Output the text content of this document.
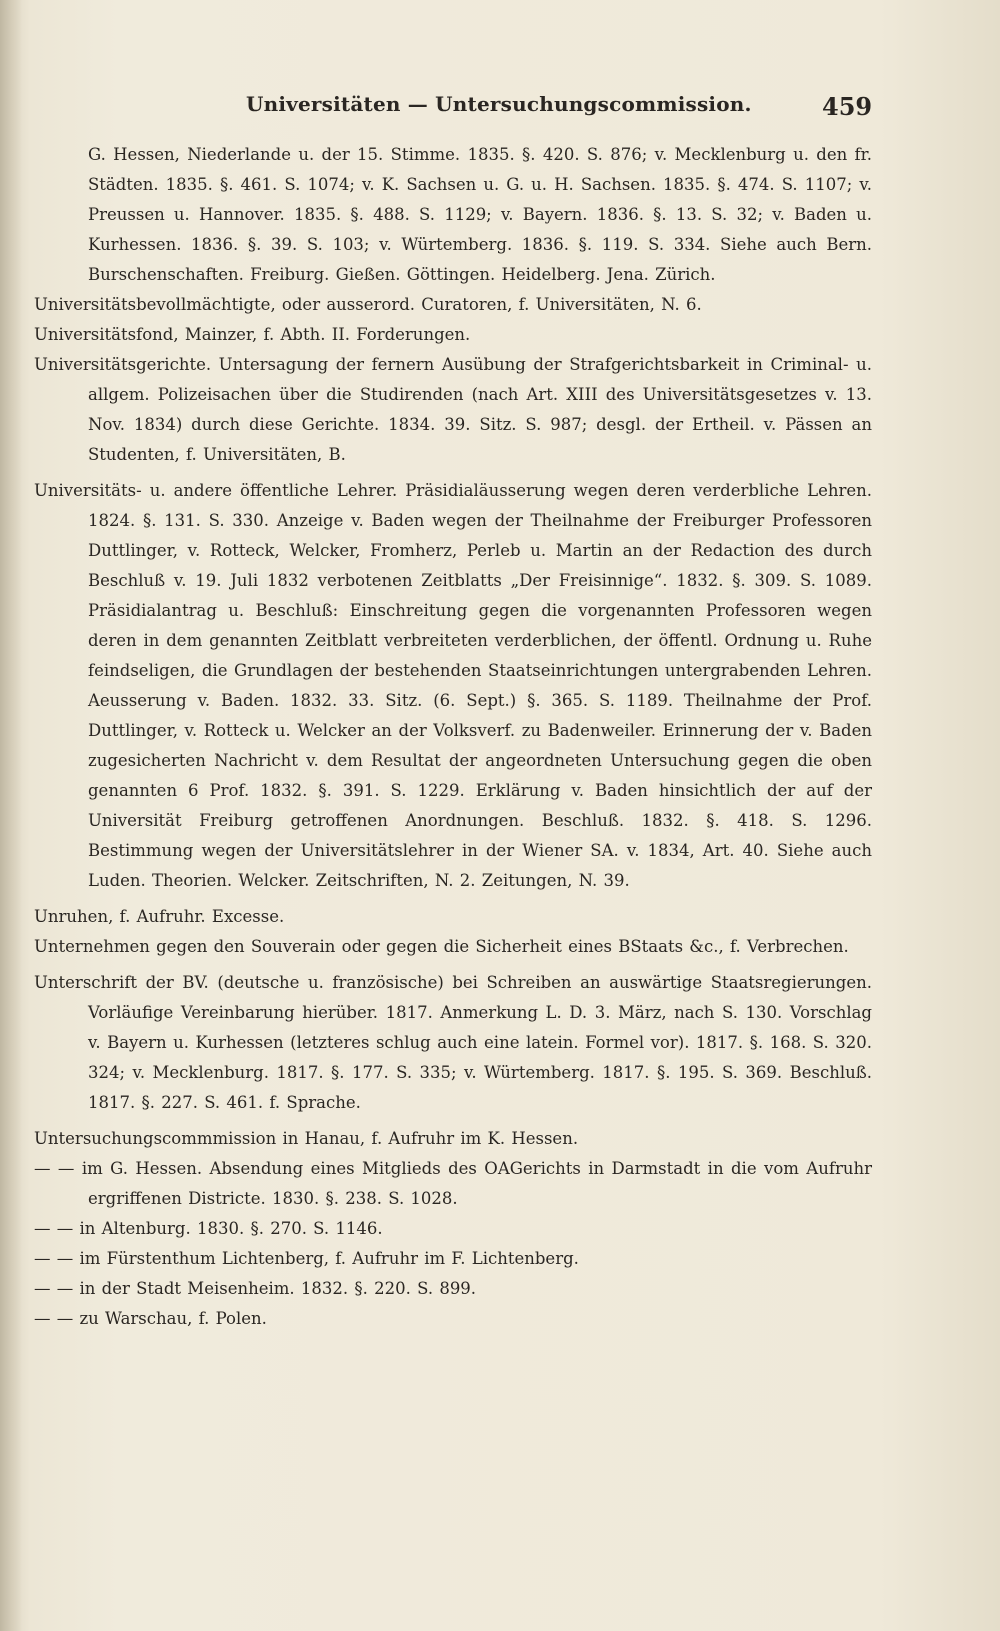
Universitäten — Untersuchungscommission.	459

G. Hessen, Niederlande u. der 15. Stimme. 1835. §. 420. S. 876; v. Mecklenburg u. den fr. Städten. 1835. §. 461. S. 1074; v. K. Sachsen u. G. u. H. Sachsen. 1835. §. 474. S. 1107; v. Preussen u. Hannover. 1835. §. 488. S. 1129; v. Bayern. 1836. §. 13. S. 32; v. Baden u. Kurhessen. 1836. §. 39. S. 103; v. Würtemberg. 1836. §. 119. S. 334. Siehe auch Bern. Burschenschaften. Freiburg. Gießen. Göttingen. Heidelberg. Jena. Zürich.

Universitätsbevollmächtigte, oder ausserord. Curatoren, f. Universitäten, N. 6.

Universitätsfond, Mainzer, f. Abth. II. Forderungen.

Universitätsgerichte. Untersagung der fernern Ausübung der Strafgerichtsbarkeit in Criminal- u. allgem. Polizeisachen über die Studirenden (nach Art. XIII des Universitätsgesetzes v. 13. Nov. 1834) durch diese Gerichte. 1834. 39. Sitz. S. 987; desgl. der Ertheil. v. Pässen an Studenten, f. Universitäten, B.

Universitäts- u. andere öffentliche Lehrer. Präsidialäusserung wegen deren verderbliche Lehren. 1824. §. 131. S. 330. Anzeige v. Baden wegen der Theilnahme der Freiburger Professoren Duttlinger, v. Rotteck, Welcker, Fromherz, Perleb u. Martin an der Redaction des durch Beschluß v. 19. Juli 1832 verbotenen Zeitblatts „Der Freisinnige“. 1832. §. 309. S. 1089. Präsidialantrag u. Beschluß: Einschreitung gegen die vorgenannten Professoren wegen deren in dem genannten Zeitblatt verbreiteten verderblichen, der öffentl. Ordnung u. Ruhe feindseligen, die Grundlagen der bestehenden Staatseinrichtungen untergrabenden Lehren. Aeusserung v. Baden. 1832. 33. Sitz. (6. Sept.) §. 365. S. 1189. Theilnahme der Prof. Duttlinger, v. Rotteck u. Welcker an der Volksverf. zu Badenweiler. Erinnerung der v. Baden zugesicherten Nachricht v. dem Resultat der angeordneten Untersuchung gegen die oben genannten 6 Prof. 1832. §. 391. S. 1229. Erklärung v. Baden hinsichtlich der auf der Universität Freiburg getroffenen Anordnungen. Beschluß. 1832. §. 418. S. 1296. Bestimmung wegen der Universitätslehrer in der Wiener SA. v. 1834, Art. 40. Siehe auch Luden. Theorien. Welcker. Zeitschriften, N. 2. Zeitungen, N. 39.

Unruhen, f. Aufruhr. Excesse.

Unternehmen gegen den Souverain oder gegen die Sicherheit eines BStaats &c., f. Verbrechen.

Unterschrift der BV. (deutsche u. französische) bei Schreiben an auswärtige Staatsregierungen. Vorläufige Vereinbarung hierüber. 1817. Anmerkung L. D. 3. März, nach S. 130. Vorschlag v. Bayern u. Kurhessen (letzteres schlug auch eine latein. Formel vor). 1817. §. 168. S. 320. 324; v. Mecklenburg. 1817. §. 177. S. 335; v. Würtemberg. 1817. §. 195. S. 369. Beschluß. 1817. §. 227. S. 461. f. Sprache.

Untersuchungscommmission in Hanau, f. Aufruhr im K. Hessen.

— — im G. Hessen. Absendung eines Mitglieds des OAGerichts in Darmstadt in die vom Aufruhr ergriffenen Districte. 1830. §. 238. S. 1028.

— — in Altenburg. 1830. §. 270. S. 1146.

— — im Fürstenthum Lichtenberg, f. Aufruhr im F. Lichtenberg.

— — in der Stadt Meisenheim. 1832. §. 220. S. 899.

— — zu Warschau, f. Polen.
